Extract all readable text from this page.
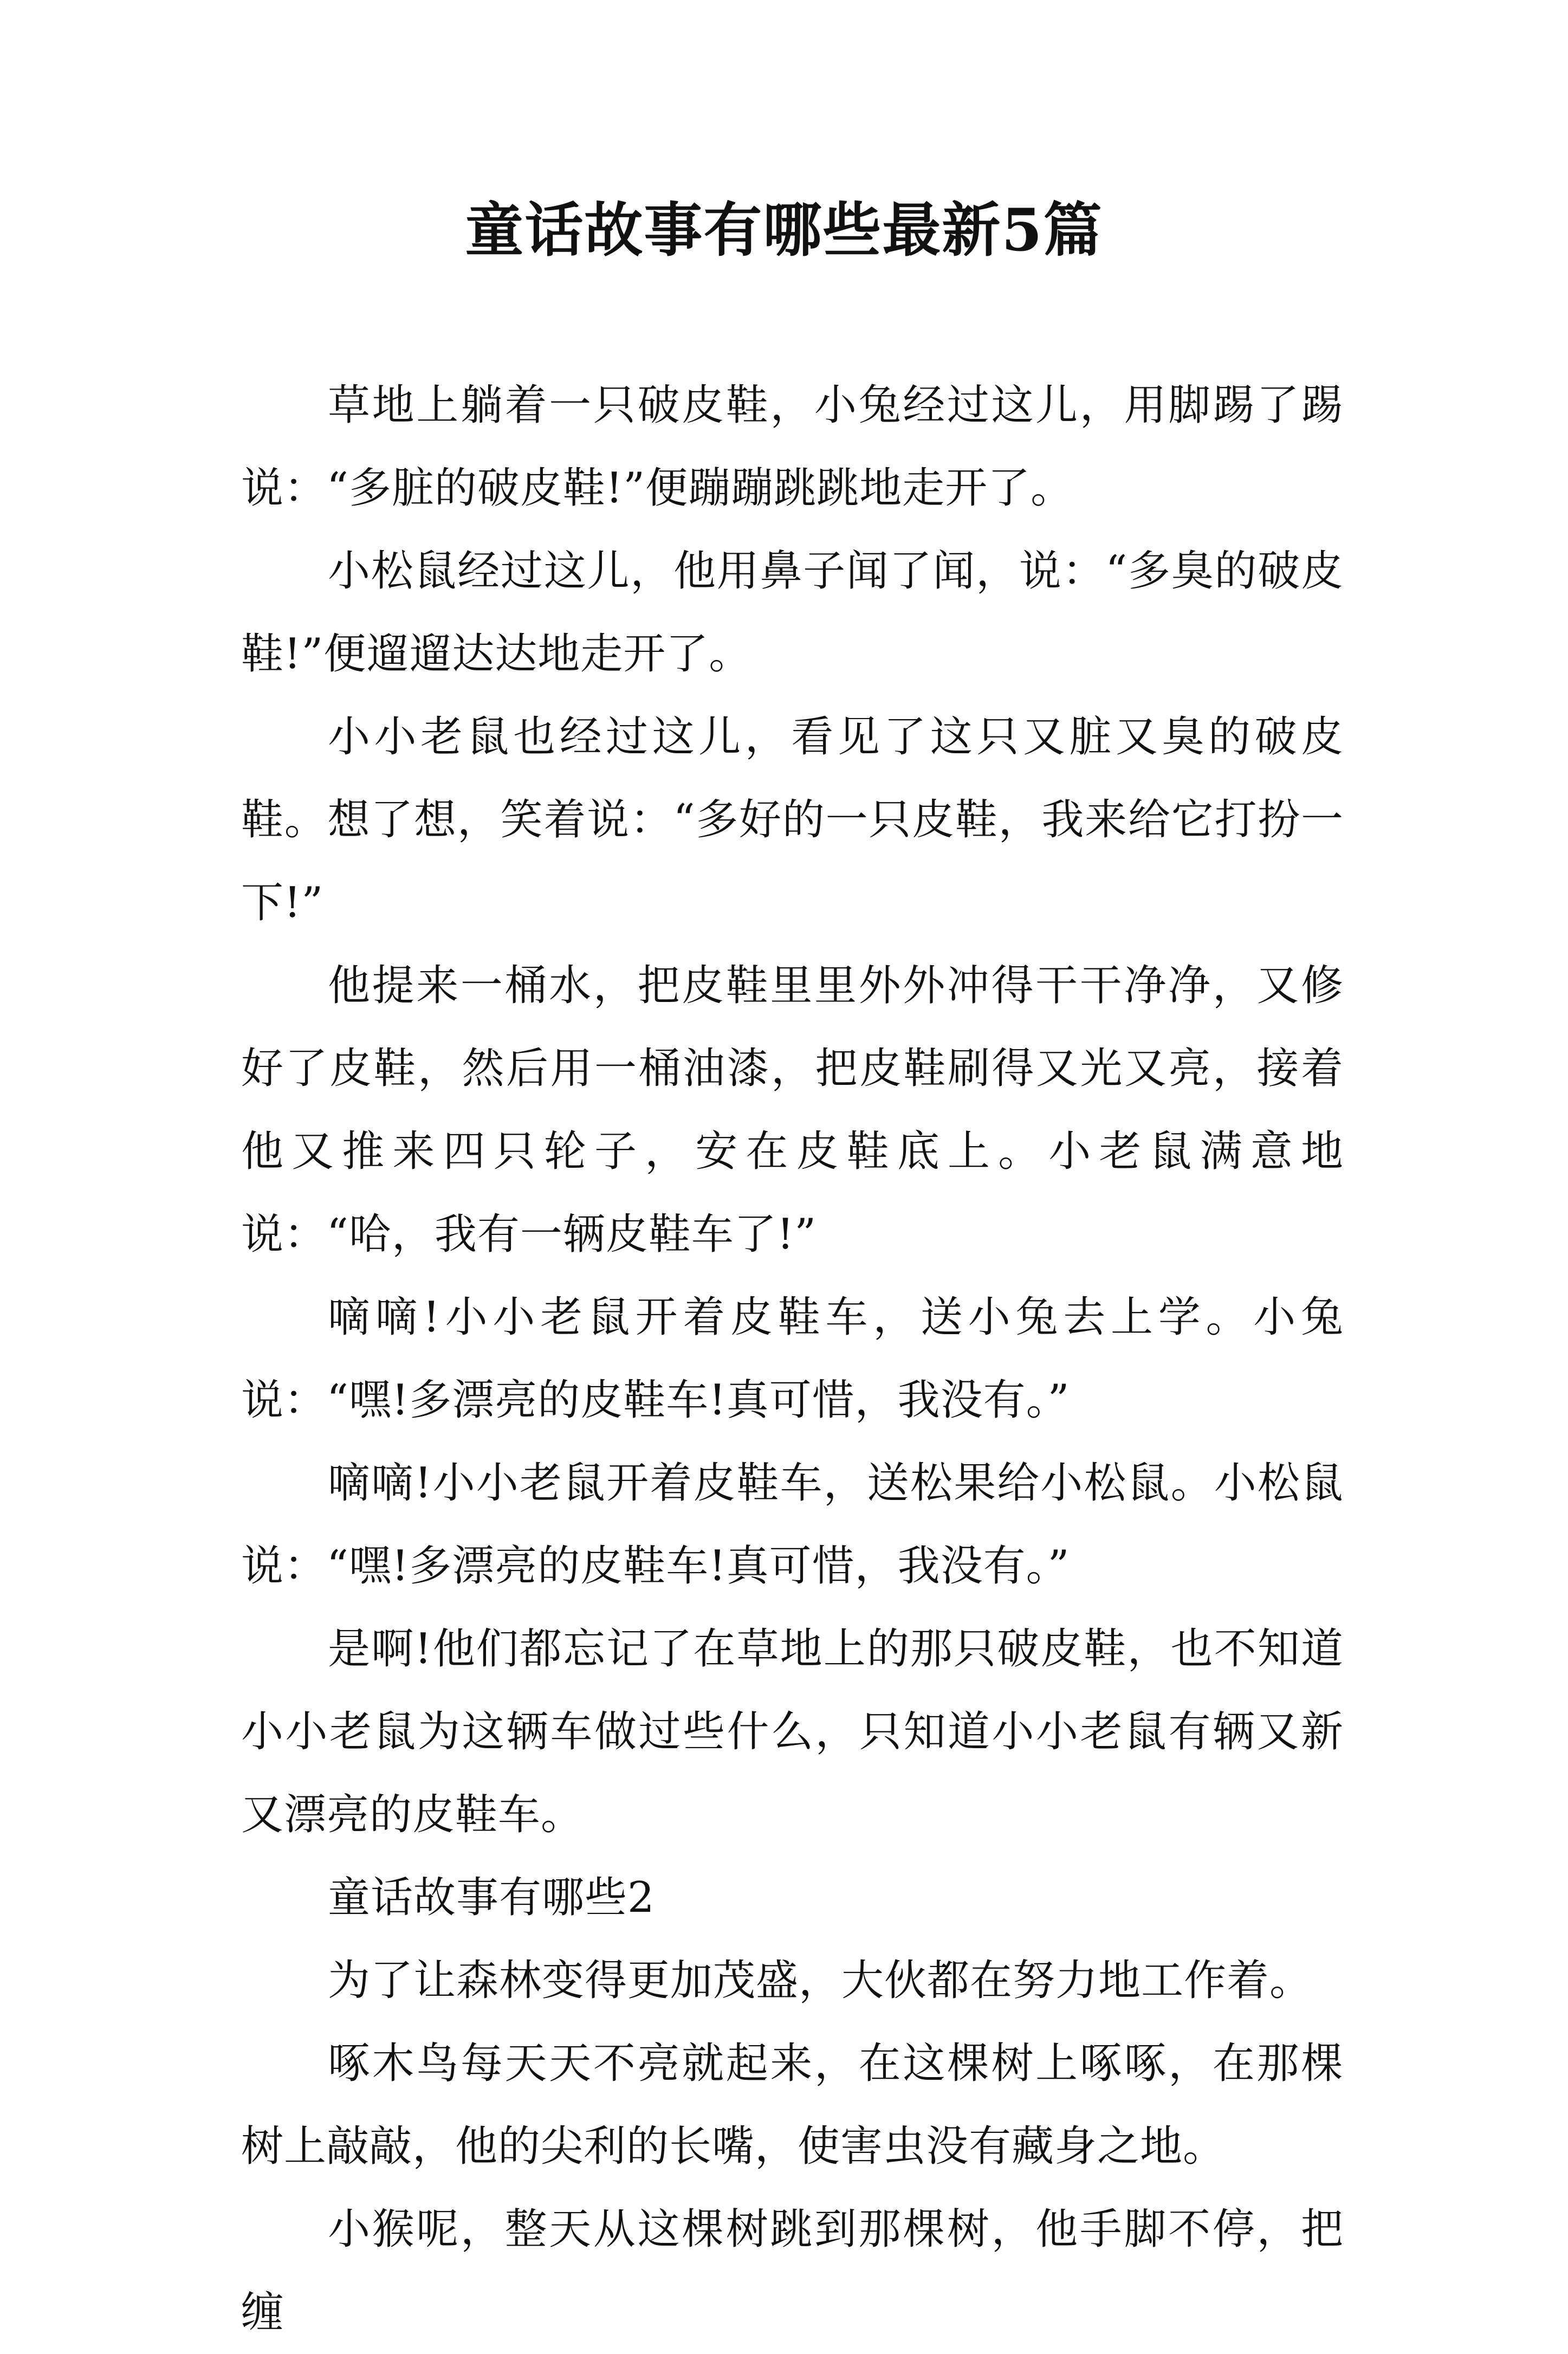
童话故事有哪些最新5篇

草地上躺着一只破皮鞋，小兔经过这儿，用脚踢了踢说：“多脏的破皮鞋!”便蹦蹦跳跳地走开了。

小松鼠经过这儿，他用鼻子闻了闻，说：“多臭的破皮鞋!”便遛遛达达地走开了。

小小老鼠也经过这儿，看见了这只又脏又臭的破皮鞋。想了想，笑着说：“多好的一只皮鞋，我来给它打扮一下!”

他提来一桶水，把皮鞋里里外外冲得干干净净，又修好了皮鞋，然后用一桶油漆，把皮鞋刷得又光又亮，接着他又推来四只轮子，安在皮鞋底上。小老鼠满意地说：“哈，我有一辆皮鞋车了!”

嘀嘀!小小老鼠开着皮鞋车，送小兔去上学。小兔说：“嘿!多漂亮的皮鞋车!真可惜，我没有。”

嘀嘀!小小老鼠开着皮鞋车，送松果给小松鼠。小松鼠说：“嘿!多漂亮的皮鞋车!真可惜，我没有。”

是啊!他们都忘记了在草地上的那只破皮鞋，也不知道小小老鼠为这辆车做过些什么，只知道小小老鼠有辆又新又漂亮的皮鞋车。

童话故事有哪些2

为了让森林变得更加茂盛，大伙都在努力地工作着。

啄木鸟每天天不亮就起来，在这棵树上啄啄，在那棵树上敲敲，他的尖利的长嘴，使害虫没有藏身之地。

小猴呢，整天从这棵树跳到那棵树，他手脚不停，把缠
